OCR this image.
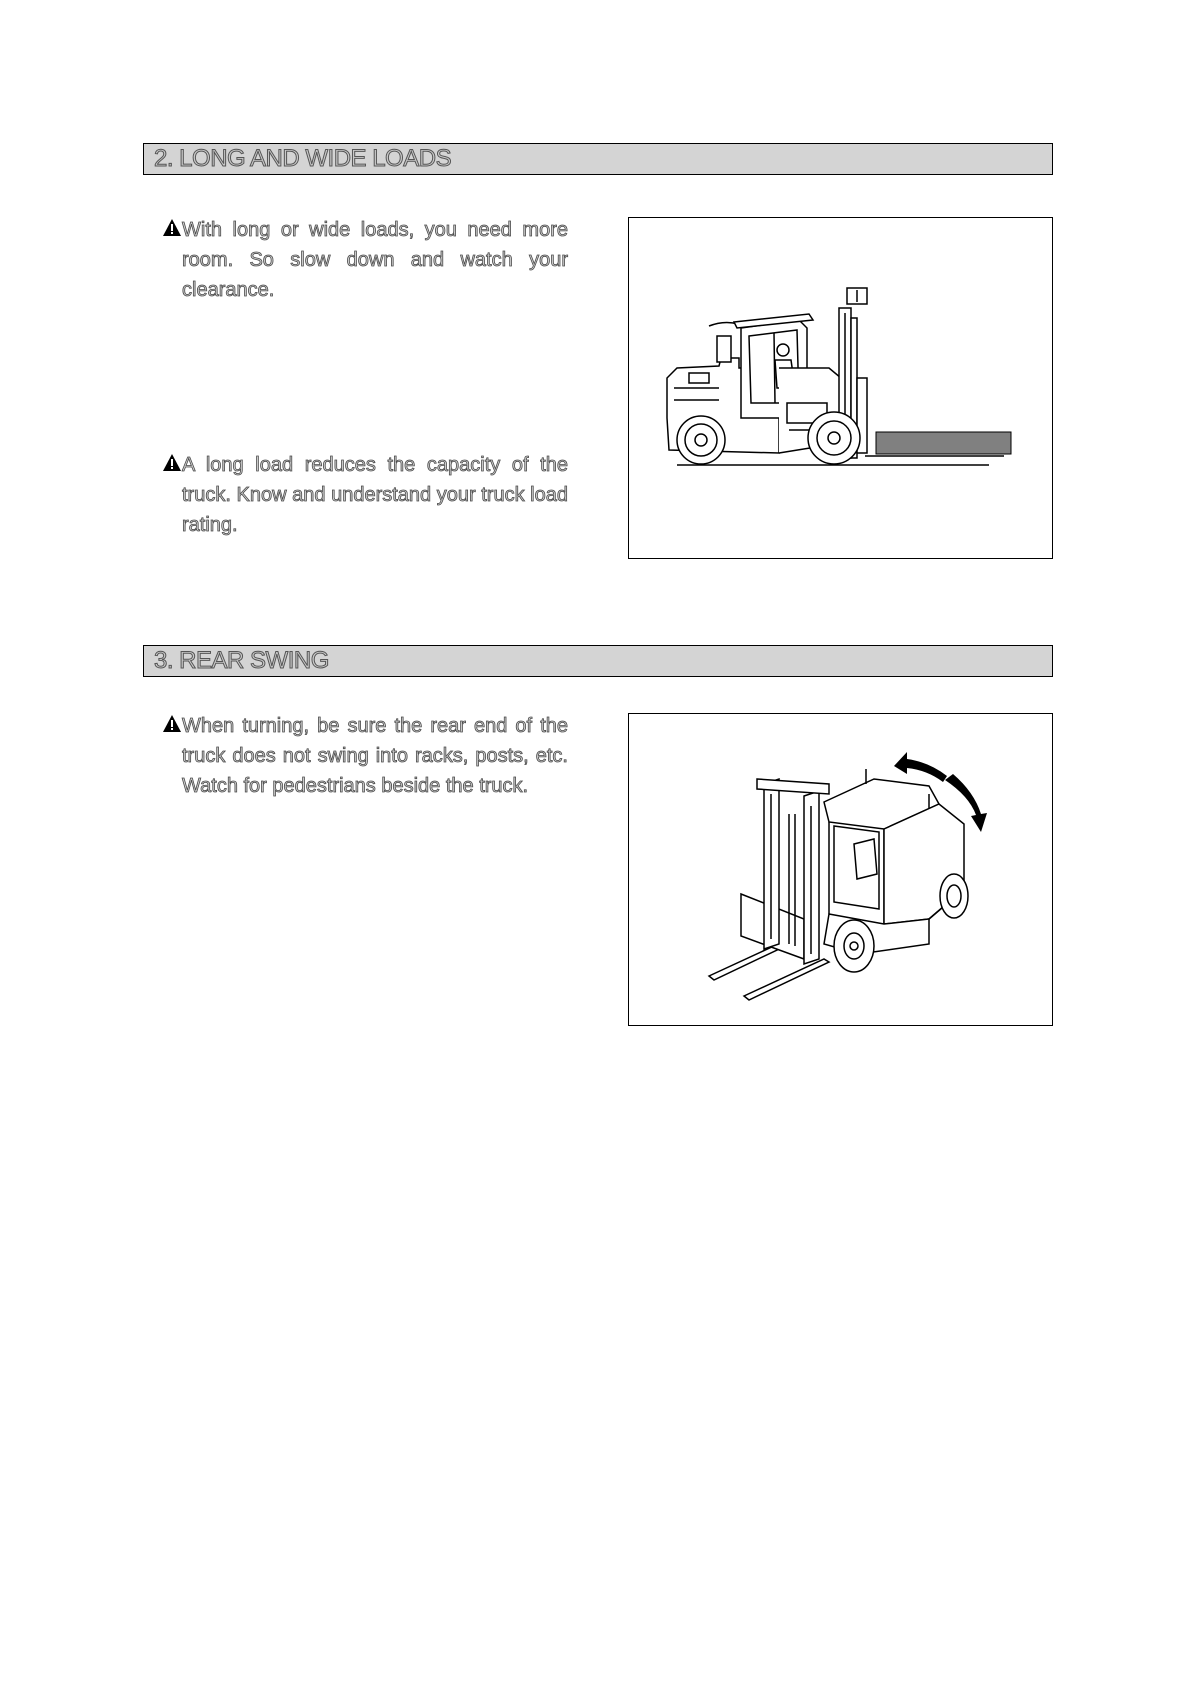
2. LONG AND WIDE LOADS
With long or wide loads, you need more room. So slow down and watch your clearance.
A long load reduces the capacity of the truck. Know and understand your truck load rating.
3. REAR SWING
When turning, be sure the rear end of the truck does not swing into racks, posts, etc. Watch for pedestrians beside the truck.
